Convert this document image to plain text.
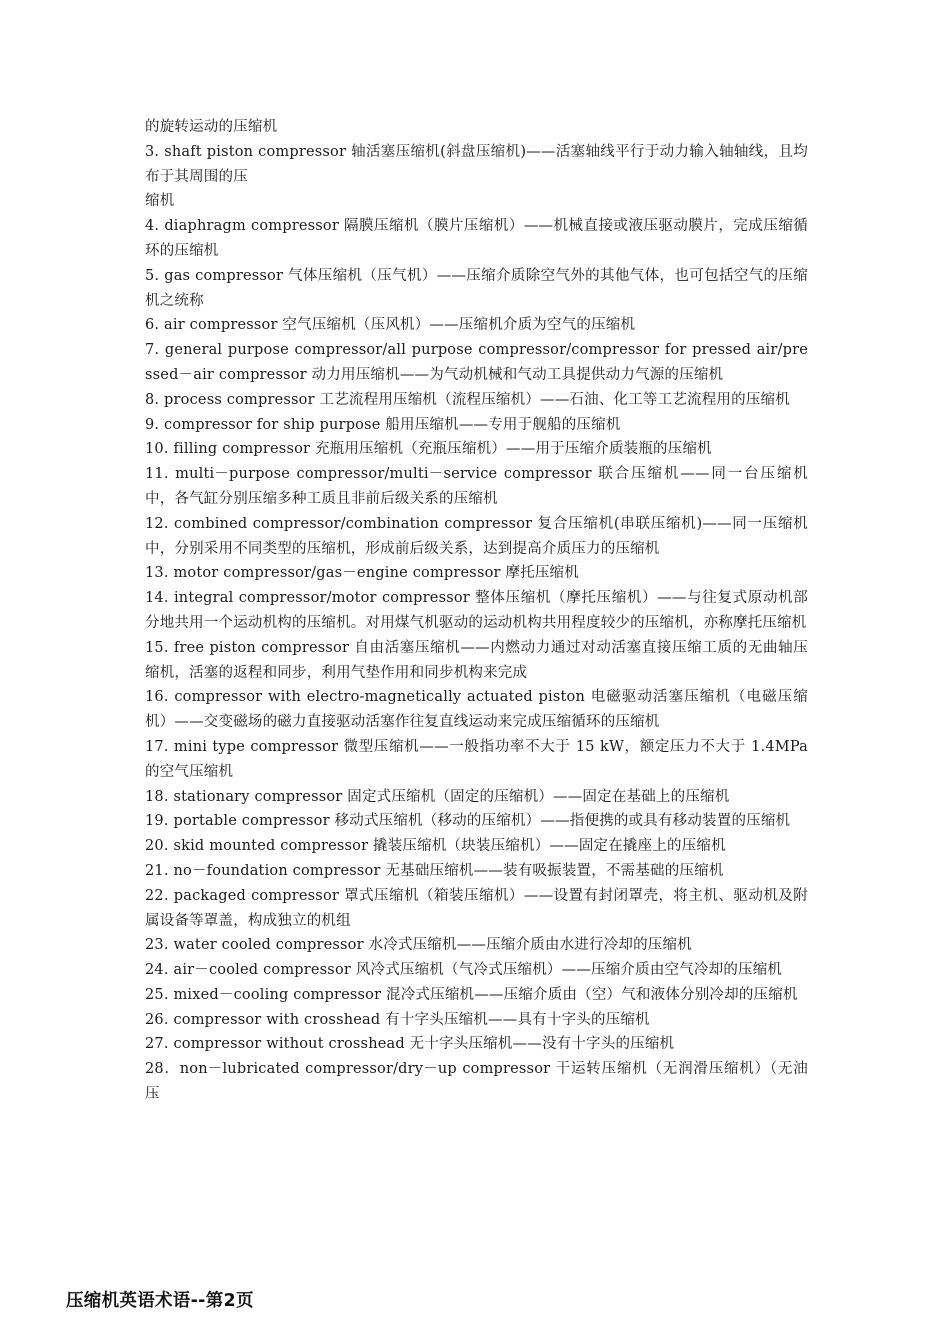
的旋转运动的压缩机

3. shaft piston compressor 轴活塞压缩机(斜盘压缩机)——活塞轴线平行于动力输入轴轴线，且均布于其周围的压

缩机

4. diaphragm compressor 隔膜压缩机（膜片压缩机）——机械直接或液压驱动膜片，完成压缩循环的压缩机

5. gas compressor 气体压缩机（压气机）——压缩介质除空气外的其他气体，也可包括空气的压缩机之统称

6. air compressor 空气压缩机（压风机）——压缩机介质为空气的压缩机

7. general purpose compressor/all purpose compressor/compressor for pressed air/pressed－air compressor 动力用压缩机——为气动机械和气动工具提供动力气源的压缩机

8. process compressor 工艺流程用压缩机（流程压缩机）——石油、化工等工艺流程用的压缩机

9. compressor for ship purpose 船用压缩机——专用于舰船的压缩机

10. filling compressor 充瓶用压缩机（充瓶压缩机）——用于压缩介质装瓶的压缩机

11. multi－purpose compressor/multi－service compressor 联合压缩机——同一台压缩机中，各气缸分别压缩多种工质且非前后级关系的压缩机

12. combined compressor/combination compressor 复合压缩机(串联压缩机)——同一压缩机中，分别采用不同类型的压缩机，形成前后级关系，达到提高介质压力的压缩机

13. motor compressor/gas－engine compressor 摩托压缩机

14. integral compressor/motor compressor 整体压缩机（摩托压缩机）——与往复式原动机部分地共用一个运动机构的压缩机。对用煤气机驱动的运动机构共用程度较少的压缩机，亦称摩托压缩机

15. free piston compressor 自由活塞压缩机——内燃动力通过对动活塞直接压缩工质的无曲轴压缩机，活塞的返程和同步，利用气垫作用和同步机构来完成

16. compressor with electro-magnetically actuated piston 电磁驱动活塞压缩机（电磁压缩机）——交变磁场的磁力直接驱动活塞作往复直线运动来完成压缩循环的压缩机

17. mini type compressor 微型压缩机——一般指功率不大于 15 kW，额定压力不大于 1.4MPa 的空气压缩机

18. stationary compressor 固定式压缩机（固定的压缩机）——固定在基础上的压缩机

19. portable compressor 移动式压缩机（移动的压缩机）——指便携的或具有移动装置的压缩机

20. skid mounted compressor 撬装压缩机（块装压缩机）——固定在撬座上的压缩机

21. no－foundation compressor 无基础压缩机——装有吸振装置，不需基础的压缩机

22. packaged compressor 罩式压缩机（箱装压缩机）——设置有封闭罩壳，将主机、驱动机及附属设备等罩盖，构成独立的机组

23. water cooled compressor 水冷式压缩机——压缩介质由水进行冷却的压缩机

24. air－cooled compressor 风冷式压缩机（气冷式压缩机）——压缩介质由空气冷却的压缩机

25. mixed－cooling compressor 混冷式压缩机——压缩介质由（空）气和液体分别冷却的压缩机

26. compressor with crosshead 有十字头压缩机——具有十字头的压缩机

27. compressor without crosshead 无十字头压缩机——没有十字头的压缩机

28．non－lubricated compressor/dry－up compressor 干运转压缩机（无润滑压缩机）（无油压

压缩机英语术语--第2页
